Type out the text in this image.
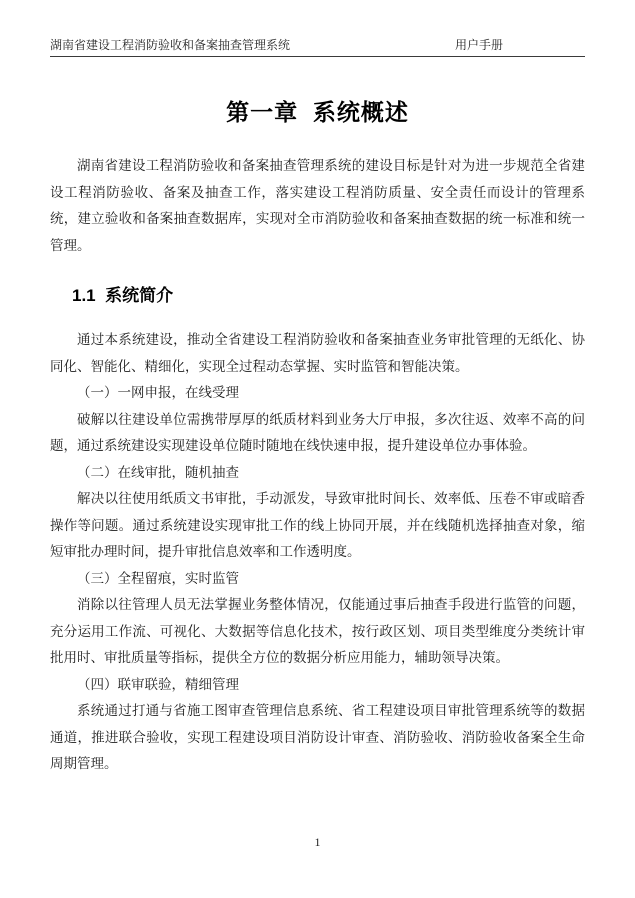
湖南省建设工程消防验收和备案抽查管理系统	用户手册
第一章  系统概述

湖南省建设工程消防验收和备案抽查管理系统的建设目标是针对为进一步规范全省建设工程消防验收、备案及抽查工作，落实建设工程消防质量、安全责任而设计的管理系统，建立验收和备案抽查数据库，实现对全市消防验收和备案抽查数据的统一标准和统一管理。

1.1  系统简介

通过本系统建设，推动全省建设工程消防验收和备案抽查业务审批管理的无纸化、协同化、智能化、精细化，实现全过程动态掌握、实时监管和智能决策。

（一）一网申报，在线受理

破解以往建设单位需携带厚厚的纸质材料到业务大厅申报，多次往返、效率不高的问题，通过系统建设实现建设单位随时随地在线快速申报，提升建设单位办事体验。

（二）在线审批，随机抽查

解决以往使用纸质文书审批，手动派发，导致审批时间长、效率低、压卷不审或暗香操作等问题。通过系统建设实现审批工作的线上协同开展，并在线随机选择抽查对象，缩短审批办理时间，提升审批信息效率和工作透明度。

（三）全程留痕，实时监管

消除以往管理人员无法掌握业务整体情况，仅能通过事后抽查手段进行监管的问题，充分运用工作流、可视化、大数据等信息化技术，按行政区划、项目类型维度分类统计审批用时、审批质量等指标，提供全方位的数据分析应用能力，辅助领导决策。

（四）联审联验，精细管理

系统通过打通与省施工图审查管理信息系统、省工程建设项目审批管理系统等的数据通道，推进联合验收，实现工程建设项目消防设计审查、消防验收、消防验收备案全生命周期管理。

1
